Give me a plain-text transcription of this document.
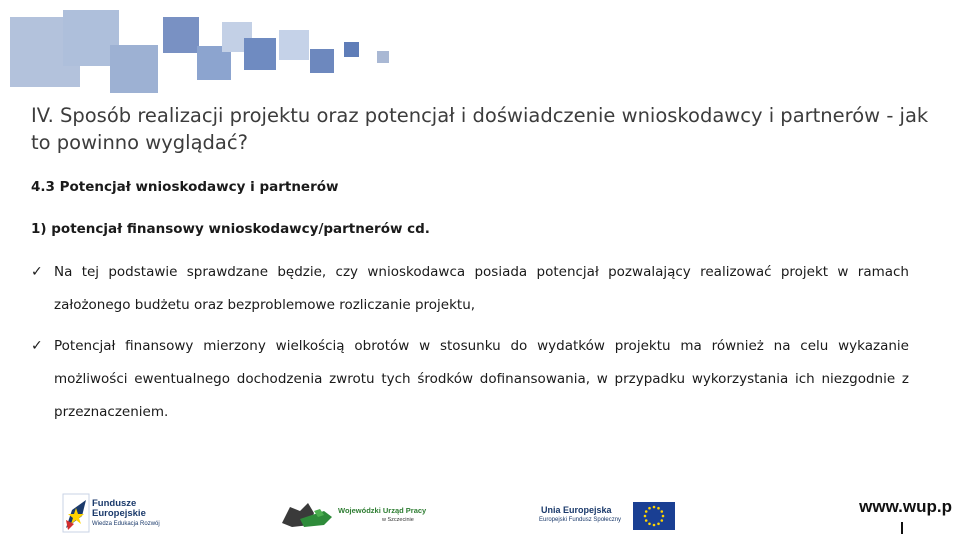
IV. Sposób realizacji projektu oraz potencjał i doświadczenie wnioskodawcy i partnerów - jak to powinno wyglądać?
4.3 Potencjał wnioskodawcy i partnerów
1) potencjał finansowy wnioskodawcy/partnerów cd.
✓ Na tej podstawie sprawdzane będzie, czy wnioskodawca posiada potencjał pozwalający realizować projekt w ramach założonego budżetu oraz bezproblemowe rozliczanie projektu,
✓ Potencjał finansowy mierzony wielkością obrotów w stosunku do wydatków projektu ma również na celu wykazanie możliwości ewentualnego dochodzenia zwrotu tych środków dofinansowania, w przypadku wykorzystania ich niezgodnie z przeznaczeniem.
Fundusze
Europejskie
Wiedza Edukacja Rozwój
Wojewódzki Urząd Pracy
w Szczecinie
Unia Europejska
Europejski Fundusz Społeczny
www.wup.p
